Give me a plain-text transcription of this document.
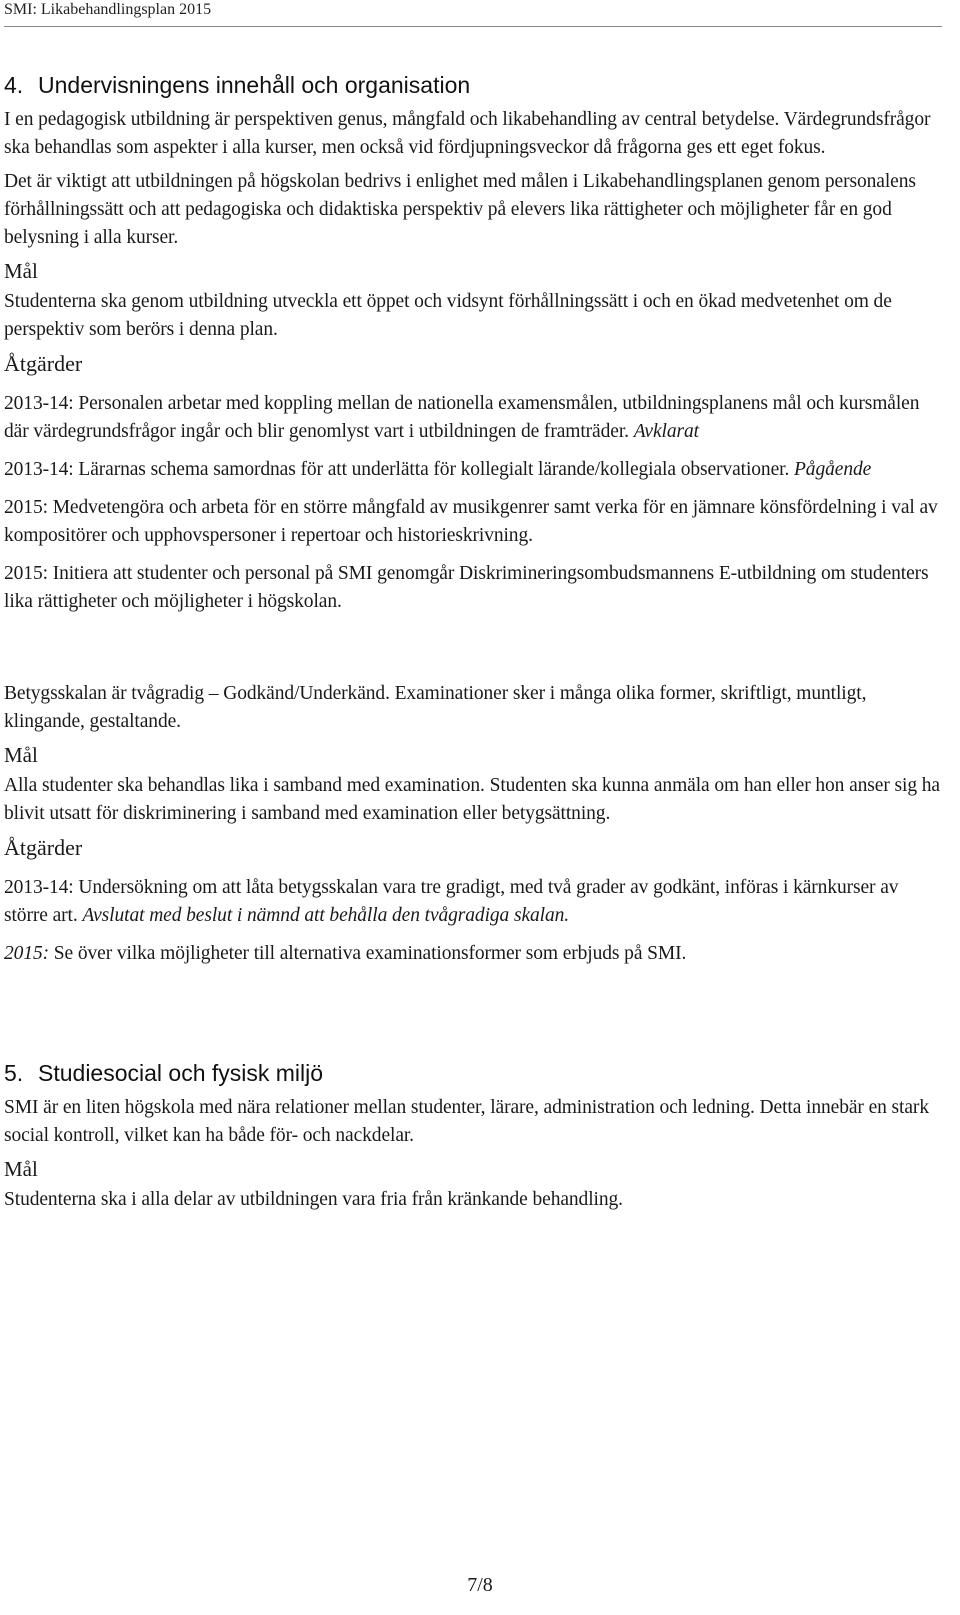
SMI: Likabehandlingsplan 2015
4. Undervisningens innehåll och organisation

I en pedagogisk utbildning är perspektiven genus, mångfald och likabehandling av central betydelse. Värdegrundsfrågor ska behandlas som aspekter i alla kurser, men också vid fördjupningsveckor då frågorna ges ett eget fokus.

Det är viktigt att utbildningen på högskolan bedrivs i enlighet med målen i Likabehandlingsplanen genom personalens förhållningssätt och att pedagogiska och didaktiska perspektiv på elevers lika rättigheter och möjligheter får en god belysning i alla kurser.

Mål

Studenterna ska genom utbildning utveckla ett öppet och vidsynt förhållningssätt i och en ökad medvetenhet om de perspektiv som berörs i denna plan.

Åtgärder

2013-14: Personalen arbetar med koppling mellan de nationella examensmålen, utbildningsplanens mål och kursmålen där värdegrundsfrågor ingår och blir genomlyst vart i utbildningen de framträder. Avklarat

2013-14: Lärarnas schema samordnas för att underlätta för kollegialt lärande/kollegiala observationer. Pågående

2015: Medvetengöra och arbeta för en större mångfald av musikgenrer samt verka för en jämnare könsfördelning i val av kompositörer och upphovspersoner i repertoar och historieskrivning.

2015: Initiera att studenter och personal på SMI genomgår Diskrimineringsombudsmannens E-utbildning om studenters lika rättigheter och möjligheter i högskolan.

Betygsskalan är tvågradig – Godkänd/Underkänd. Examinationer sker i många olika former, skriftligt, muntligt, klingande, gestaltande.

Mål

Alla studenter ska behandlas lika i samband med examination. Studenten ska kunna anmäla om han eller hon anser sig ha blivit utsatt för diskriminering i samband med examination eller betygsättning.

Åtgärder

2013-14: Undersökning om att låta betygsskalan vara tre gradigt, med två grader av godkänt, införas i kärnkurser av större art. Avslutat med beslut i nämnd att behålla den tvågradiga skalan.

2015: Se över vilka möjligheter till alternativa examinationsformer som erbjuds på SMI.

5. Studiesocial och fysisk miljö

SMI är en liten högskola med nära relationer mellan studenter, lärare, administration och ledning. Detta innebär en stark social kontroll, vilket kan ha både för- och nackdelar.

Mål

Studenterna ska i alla delar av utbildningen vara fria från kränkande behandling.

7/8
